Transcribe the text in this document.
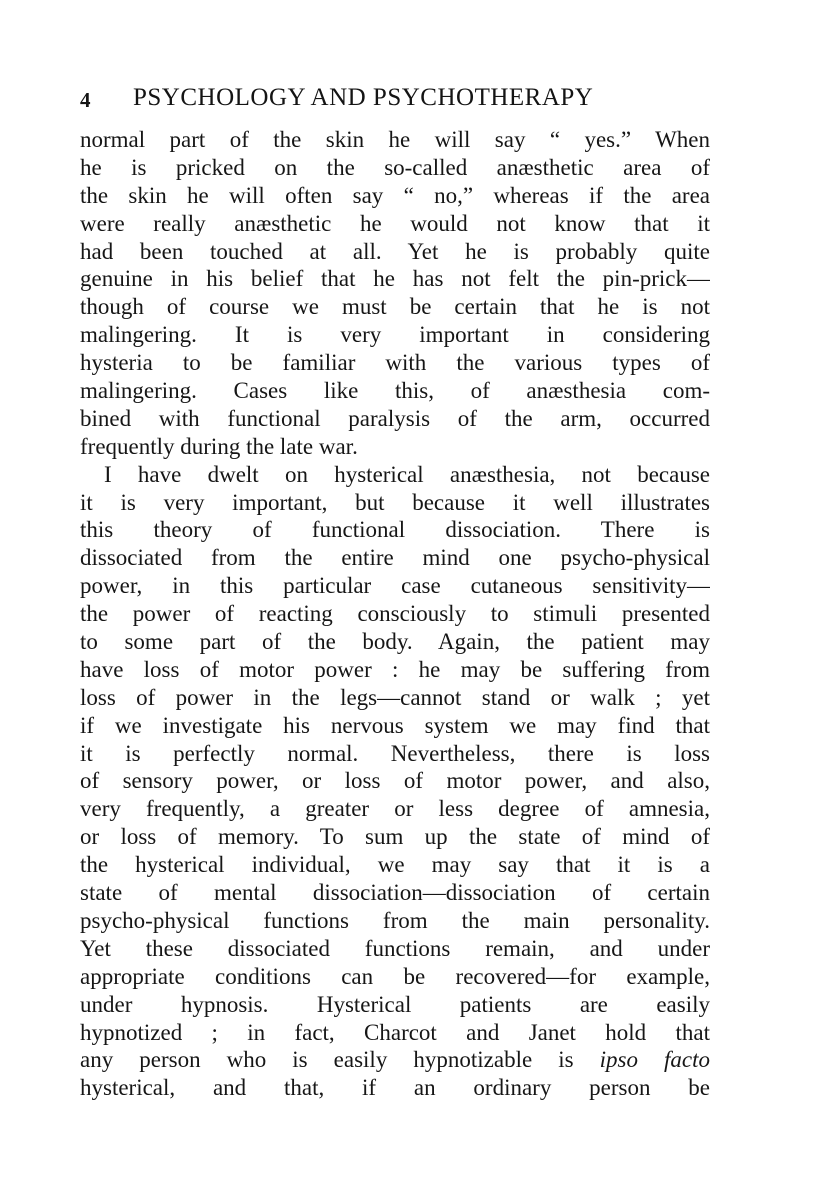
4 PSYCHOLOGY AND PSYCHOTHERAPY
normal part of the skin he will say “ yes.” When
he is pricked on the so-called anæsthetic area of
the skin he will often say “ no,” whereas if the area
were really anæsthetic he would not know that it
had been touched at all. Yet he is probably quite
genuine in his belief that he has not felt the pin-prick—
though of course we must be certain that he is not
malingering. It is very important in considering
hysteria to be familiar with the various types of
malingering. Cases like this, of anæsthesia com-
bined with functional paralysis of the arm, occurred
frequently during the late war.
I have dwelt on hysterical anæsthesia, not because
it is very important, but because it well illustrates
this theory of functional dissociation. There is
dissociated from the entire mind one psycho-physical
power, in this particular case cutaneous sensitivity—
the power of reacting consciously to stimuli presented
to some part of the body. Again, the patient may
have loss of motor power : he may be suffering from
loss of power in the legs—cannot stand or walk ; yet
if we investigate his nervous system we may find that
it is perfectly normal. Nevertheless, there is loss
of sensory power, or loss of motor power, and also,
very frequently, a greater or less degree of amnesia,
or loss of memory. To sum up the state of mind of
the hysterical individual, we may say that it is a
state of mental dissociation—dissociation of certain
psycho-physical functions from the main personality.
Yet these dissociated functions remain, and under
appropriate conditions can be recovered—for example,
under hypnosis. Hysterical patients are easily
hypnotized ; in fact, Charcot and Janet hold that
any person who is easily hypnotizable is ipso facto
hysterical, and that, if an ordinary person be
